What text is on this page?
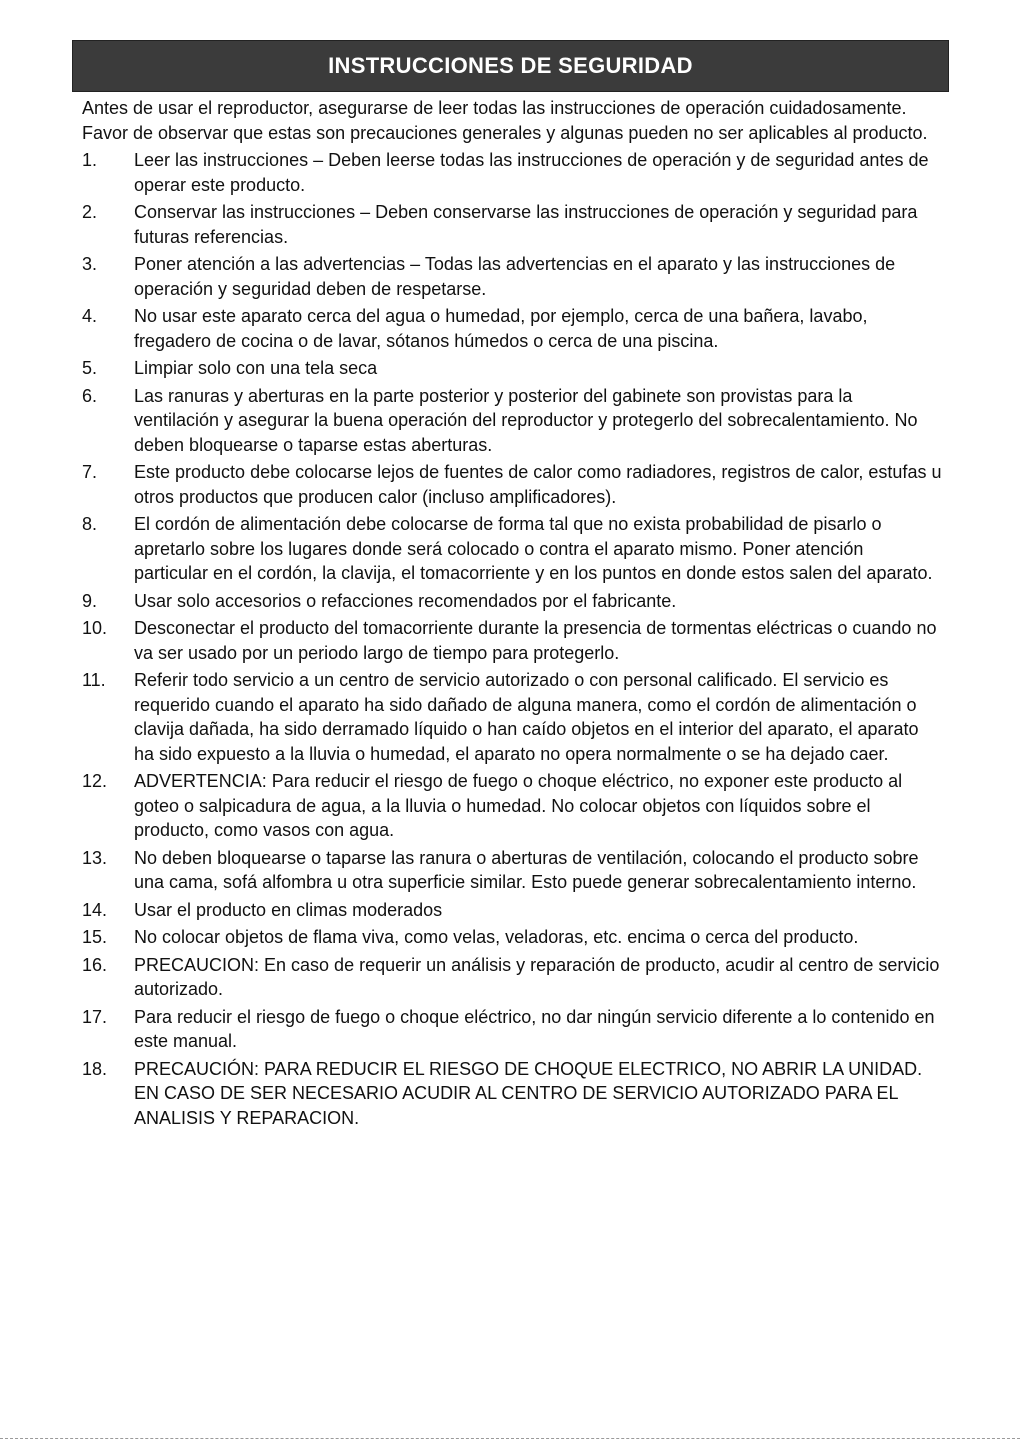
INSTRUCCIONES DE SEGURIDAD

Antes de usar el reproductor, asegurarse de leer todas las instrucciones de operación cuidadosamente. Favor de observar que estas son precauciones generales y algunas pueden no ser aplicables al producto.

1.	Leer las instrucciones – Deben leerse todas las instrucciones de operación y de seguridad antes de operar este producto.
2.	Conservar las instrucciones – Deben conservarse las instrucciones de operación y seguridad para futuras referencias.
3.	Poner atención a las advertencias – Todas las advertencias en el aparato y las instrucciones de operación y seguridad deben de respetarse.
4.	No usar este aparato cerca del agua o humedad, por ejemplo, cerca de una bañera, lavabo, fregadero de cocina o de lavar, sótanos húmedos o cerca de una piscina.
5.	Limpiar solo con una tela seca
6.	Las ranuras y aberturas en la parte posterior y posterior del gabinete son provistas para la ventilación y asegurar la buena operación del reproductor y protegerlo del sobrecalentamiento. No deben bloquearse o taparse estas aberturas.
7.	Este producto debe colocarse lejos de fuentes de calor como radiadores, registros de calor, estufas u otros productos que producen calor (incluso amplificadores).
8.	El cordón de alimentación debe colocarse de forma tal que no exista probabilidad de pisarlo o apretarlo sobre los lugares donde será colocado o contra el aparato mismo. Poner atención particular en el cordón, la clavija, el tomacorriente y en los puntos en donde estos salen del aparato.
9.	Usar solo accesorios o refacciones recomendados por el fabricante.
10.	Desconectar el producto del tomacorriente durante la presencia de tormentas eléctricas o cuando no va ser usado por un periodo largo de tiempo para protegerlo.
11.	Referir todo servicio a un centro de servicio autorizado o con personal calificado. El servicio es requerido cuando el aparato ha sido dañado de alguna manera, como el cordón de alimentación o clavija dañada, ha sido derramado líquido o han caído objetos en el interior del aparato, el aparato ha sido expuesto a la lluvia o humedad, el aparato no opera normalmente o se ha dejado caer.
12.	ADVERTENCIA: Para reducir el riesgo de fuego o choque eléctrico, no exponer este producto al goteo o salpicadura de agua, a la lluvia o humedad. No colocar objetos con líquidos sobre el producto, como vasos con agua.
13.	No deben bloquearse o taparse las ranura o aberturas de ventilación, colocando el producto sobre una cama, sofá alfombra u otra superficie similar. Esto puede generar sobrecalentamiento interno.
14.	Usar el producto en climas moderados
15.	No colocar objetos de flama viva, como velas, veladoras, etc. encima o cerca del producto.
16.	PRECAUCION: En caso de requerir un análisis y reparación de producto, acudir al centro de servicio autorizado.
17.	Para reducir el riesgo de fuego o choque eléctrico, no dar ningún servicio diferente a lo contenido en este manual.
18.	PRECAUCIÓN: PARA REDUCIR EL RIESGO DE CHOQUE ELECTRICO, NO ABRIR LA UNIDAD. EN CASO DE SER NECESARIO ACUDIR AL CENTRO DE SERVICIO AUTORIZADO PARA EL ANALISIS Y REPARACION.
